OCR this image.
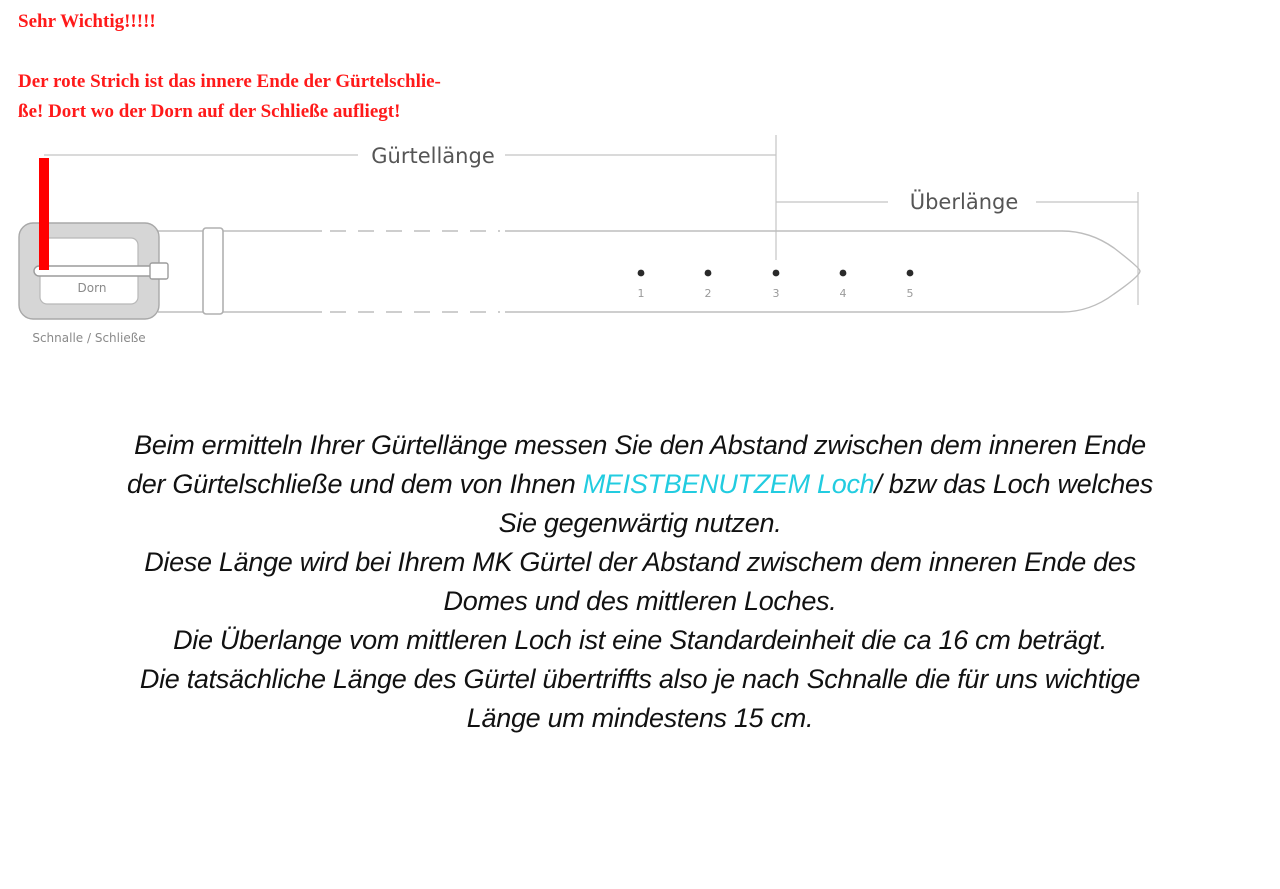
Sehr Wichtig!!!!!
Der rote Strich ist das innere Ende der Gürtelschlie-
ße! Dort wo der Dorn auf der Schließe aufliegt!
Gürtellänge
Überlänge
Dorn
Schnalle / Schließe
1	2	3	4	5
Beim ermitteln Ihrer Gürtellänge messen Sie den Abstand zwischen dem inneren Ende
der Gürtelschließe und dem von Ihnen MEISTBENUTZEM Loch/ bzw das Loch welches
Sie gegenwärtig nutzen.
Diese Länge wird bei Ihrem MK Gürtel der Abstand zwischem dem inneren Ende des
Domes und des mittleren Loches.
Die Überlange vom mittleren Loch ist eine Standardeinheit die ca 16 cm beträgt.
Die tatsächliche Länge des Gürtel übertriffts also je nach Schnalle die für uns wichtige
Länge um mindestens 15 cm.
